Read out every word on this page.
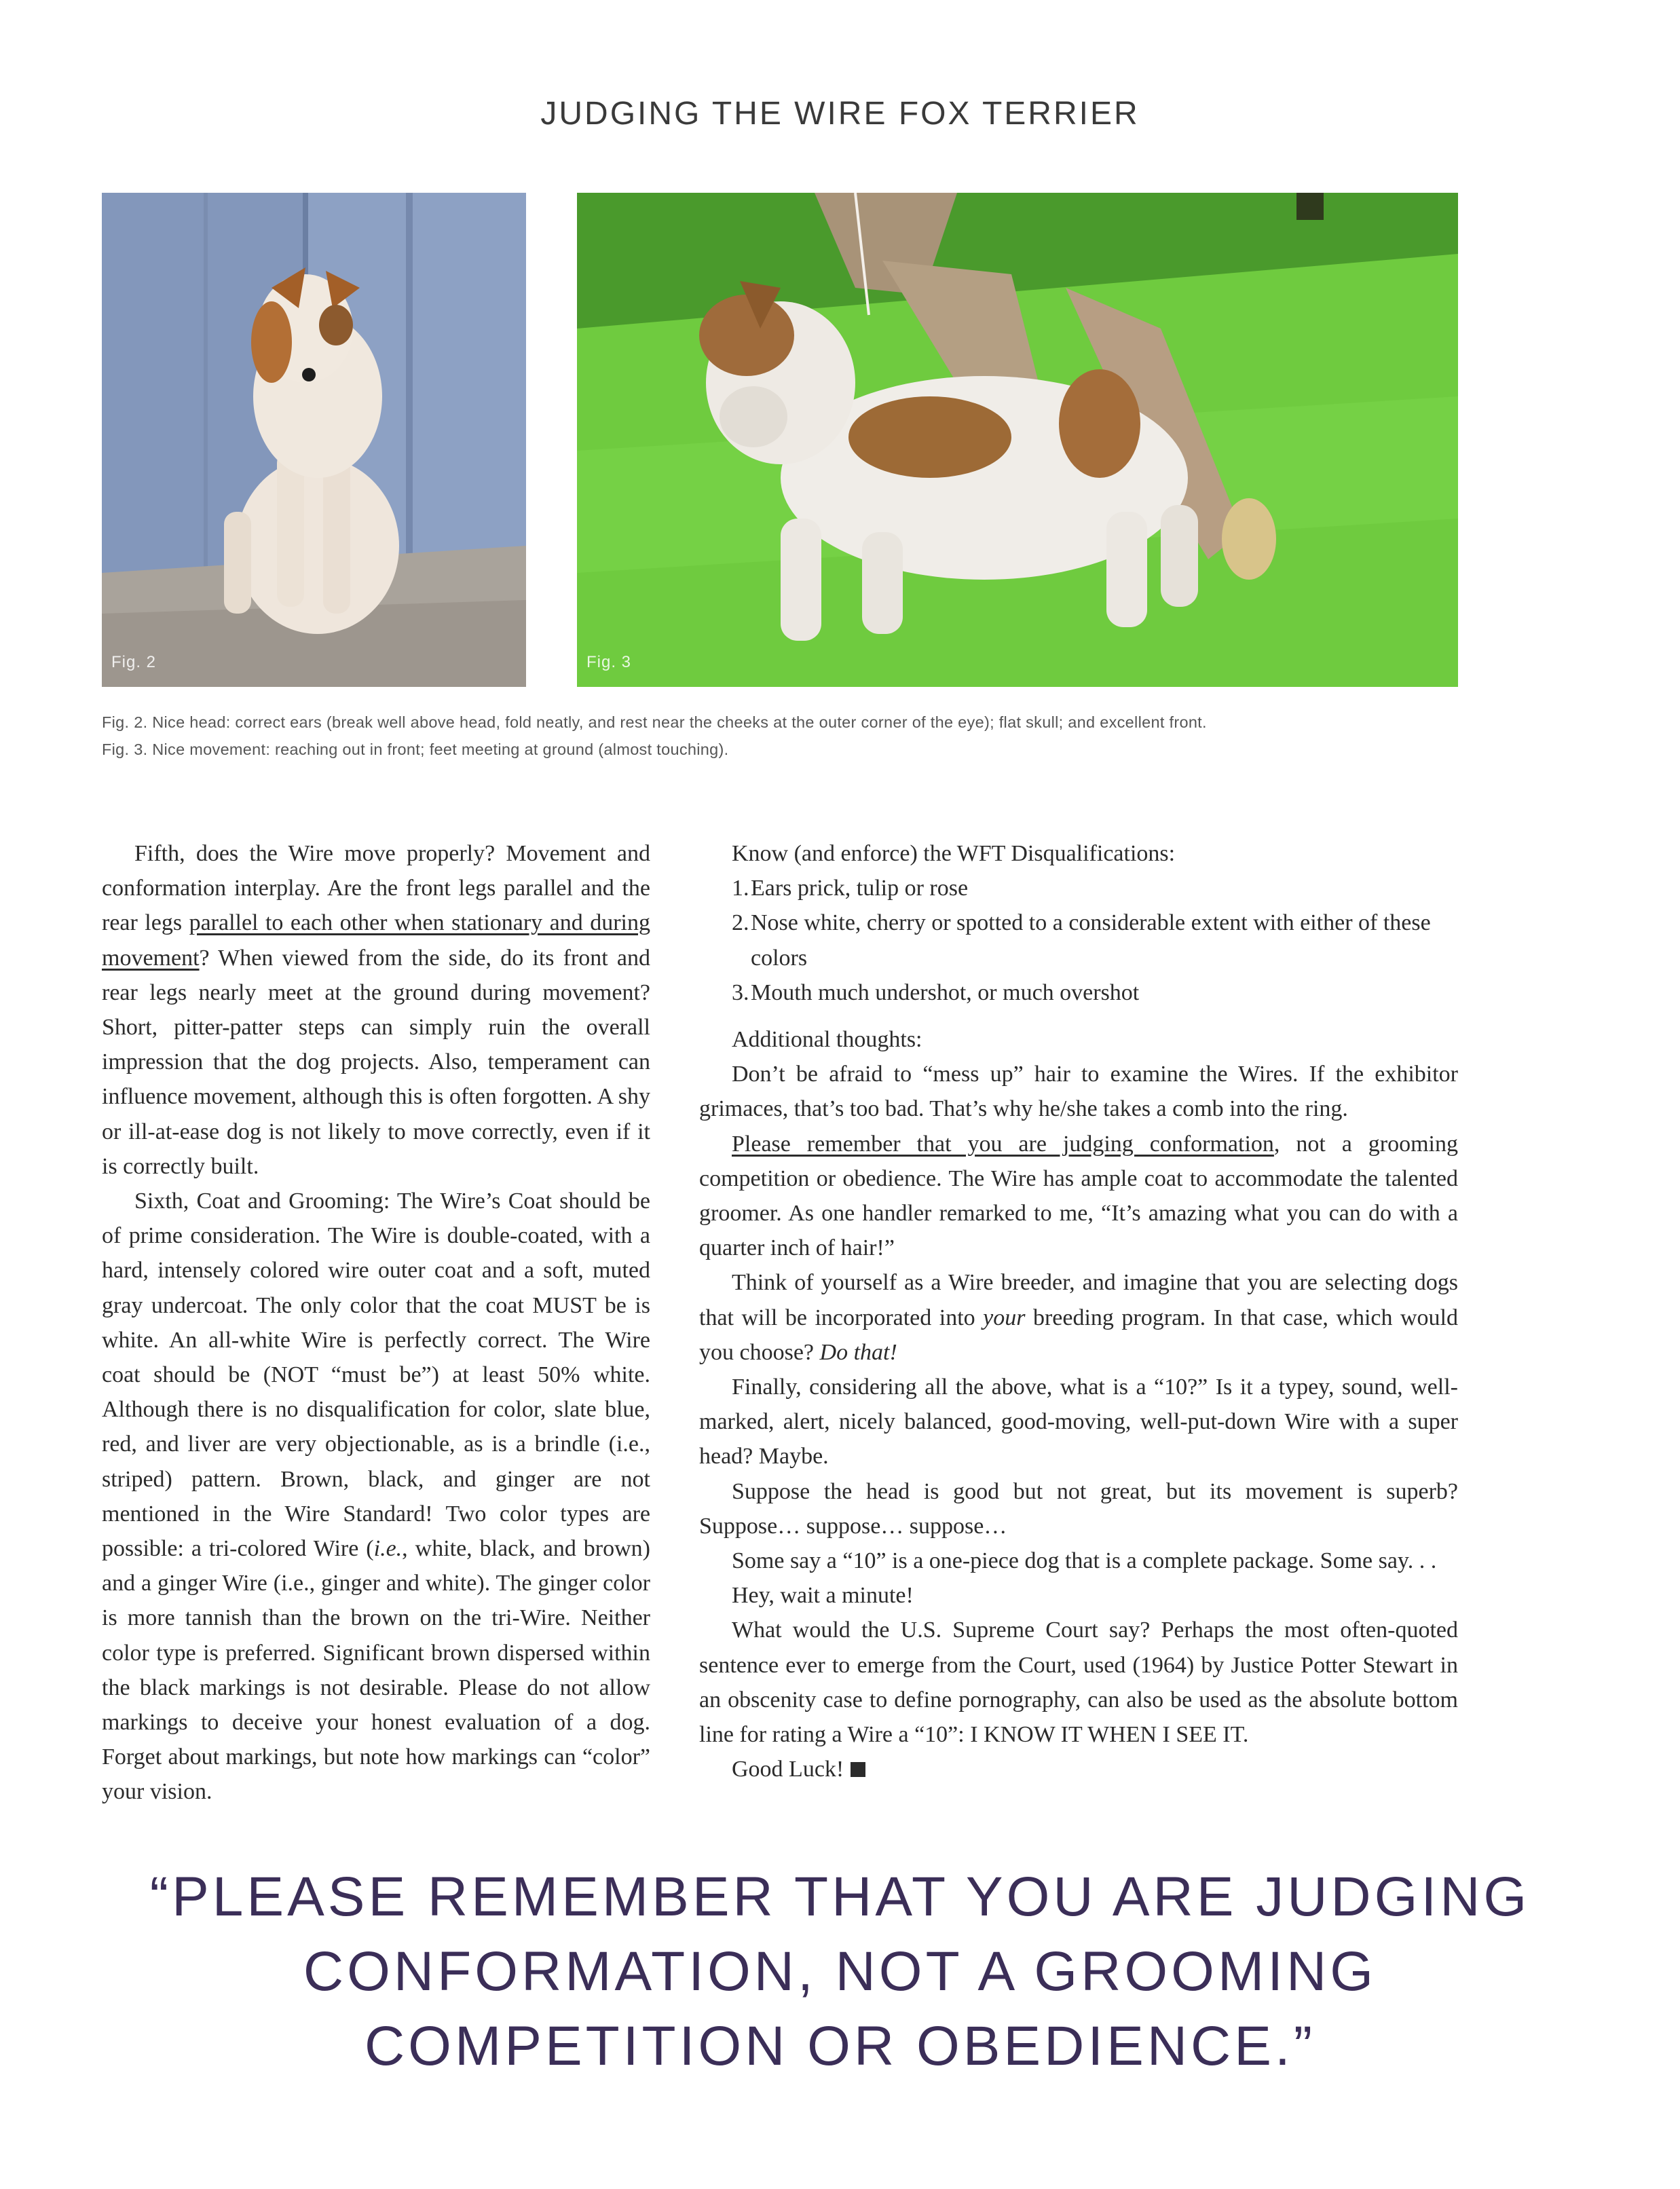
JUDGING THE WIRE FOX TERRIER
Fig. 2	Fig. 3

Fig. 2. Nice head: correct ears (break well above head, fold neatly, and rest near the cheeks at the outer corner of the eye); flat skull; and excellent front.

Fig. 3. Nice movement: reaching out in front; feet meeting at ground (almost touching).

Fifth, does the Wire move properly? Movement and conformation interplay. Are the front legs parallel and the rear legs parallel to each other when stationary and during movement? When viewed from the side, do its front and rear legs nearly meet at the ground during movement? Short, pitter-patter steps can simply ruin the overall impression that the dog projects. Also, temperament can influence movement, although this is often forgotten. A shy or ill-at-ease dog is not likely to move correctly, even if it is correctly built.

Sixth, Coat and Grooming: The Wire’s Coat should be of prime consideration. The Wire is double-coated, with a hard, intensely colored wire outer coat and a soft, muted gray undercoat. The only color that the coat MUST be is white. An all-white Wire is perfectly correct. The Wire coat should be (NOT “must be”) at least 50% white. Although there is no disqualification for color, slate blue, red, and liver are very objectionable, as is a brindle (i.e., striped) pattern. Brown, black, and ginger are not mentioned in the Wire Standard! Two color types are possible: a tri-colored Wire (i.e., white, black, and brown) and a ginger Wire (i.e., ginger and white). The ginger color is more tannish than the brown on the tri-Wire. Neither color type is preferred. Significant brown dispersed within the black markings is not desirable. Please do not allow markings to deceive your honest evaluation of a dog. Forget about markings, but note how markings can “color” your vision.

Know (and enforce) the WFT Disqualifications:

1. Ears prick, tulip or rose
2. Nose white, cherry or spotted to a considerable extent with either of these colors
3. Mouth much undershot, or much overshot

Additional thoughts:

Don’t be afraid to “mess up” hair to examine the Wires. If the exhibitor grimaces, that’s too bad. That’s why he/she takes a comb into the ring.

Please remember that you are judging conformation, not a grooming competition or obedience. The Wire has ample coat to accommodate the talented groomer. As one handler remarked to me, “It’s amazing what you can do with a quarter inch of hair!”

Think of yourself as a Wire breeder, and imagine that you are selecting dogs that will be incorporated into your breeding program. In that case, which would you choose? Do that!

Finally, considering all the above, what is a “10?” Is it a typey, sound, well-marked, alert, nicely balanced, good-moving, well-put-down Wire with a super head? Maybe.

Suppose the head is good but not great, but its movement is superb? Suppose… suppose… suppose…

Some say a “10” is a one-piece dog that is a complete package. Some say. . .

Hey, wait a minute!

What would the U.S. Supreme Court say? Perhaps the most often-quoted sentence ever to emerge from the Court, used (1964) by Justice Potter Stewart in an obscenity case to define pornography, can also be used as the absolute bottom line for rating a Wire a “10”: I KNOW IT WHEN I SEE IT.

Good Luck!

“PLEASE REMEMBER THAT YOU ARE JUDGING
CONFORMATION, NOT A GROOMING
COMPETITION OR OBEDIENCE.”
